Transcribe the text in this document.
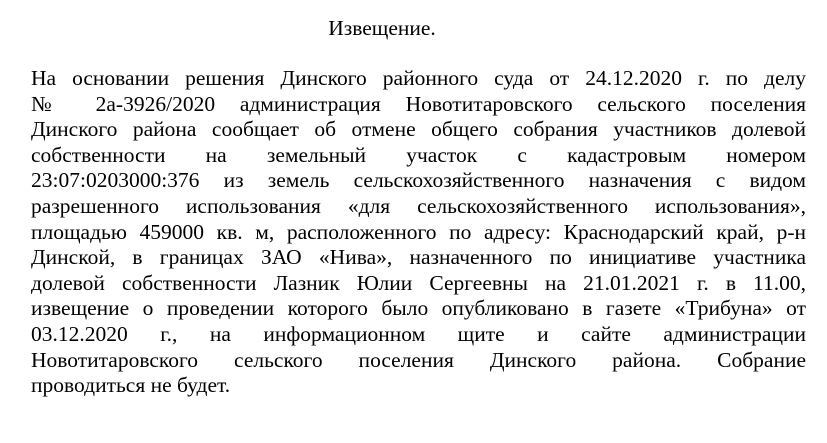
Извещение.
На основании решения Динского районного суда от 24.12.2020 г. по делу
№ 2а-3926/2020 администрация Новотитаровского сельского поселения
Динского района сообщает об отмене общего собрания участников долевой
собственности на земельный участок с кадастровым номером
23:07:0203000:376 из земель сельскохозяйственного назначения с видом
разрешенного использования «для сельскохозяйственного использования»,
площадью 459000 кв. м, расположенного по адресу: Краснодарский край, р-н
Динской, в границах ЗАО «Нива», назначенного по инициативе участника
долевой собственности Лазник Юлии Сергеевны на 21.01.2021 г. в 11.00,
извещение о проведении которого было опубликовано в газете «Трибуна» от
03.12.2020 г., на информационном щите и сайте администрации
Новотитаровского сельского поселения Динского района. Собрание
проводиться не будет.
